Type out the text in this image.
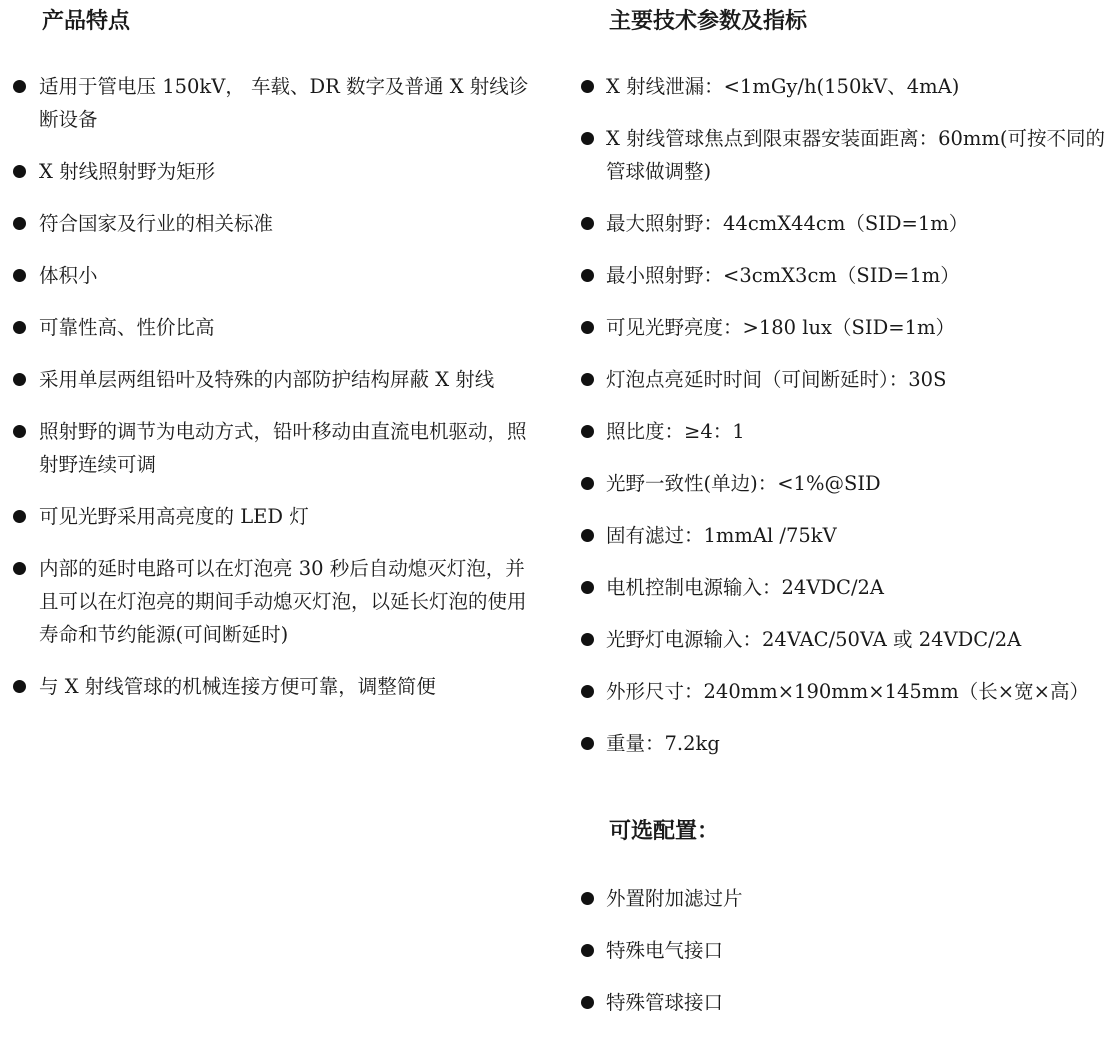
产品特点
适用于管电压 150kV， 车载、DR 数字及普通 X 射线诊断设备
X 射线照射野为矩形
符合国家及行业的相关标准
体积小
可靠性高、性价比高
采用单层两组铅叶及特殊的内部防护结构屏蔽 X 射线
照射野的调节为电动方式，铅叶移动由直流电机驱动，照射野连续可调
可见光野采用高亮度的 LED 灯
内部的延时电路可以在灯泡亮 30 秒后自动熄灭灯泡，并且可以在灯泡亮的期间手动熄灭灯泡，以延长灯泡的使用寿命和节约能源(可间断延时)
与 X 射线管球的机械连接方便可靠，调整简便
主要技术参数及指标
X 射线泄漏：<1mGy/h(150kV、4mA)
X 射线管球焦点到限束器安装面距离：60mm(可按不同的管球做调整)
最大照射野：44cmX44cm（SID=1m）
最小照射野：<3cmX3cm（SID=1m）
可见光野亮度：>180 lux（SID=1m）
灯泡点亮延时时间（可间断延时）：30S
照比度：≥4：1
光野一致性(单边)：<1%@SID
固有滤过：1mmAl /75kV
电机控制电源输入：24VDC/2A
光野灯电源输入：24VAC/50VA 或 24VDC/2A
外形尺寸：240mm×190mm×145mm（长×宽×高）
重量：7.2kg
可选配置：
外置附加滤过片
特殊电气接口
特殊管球接口
